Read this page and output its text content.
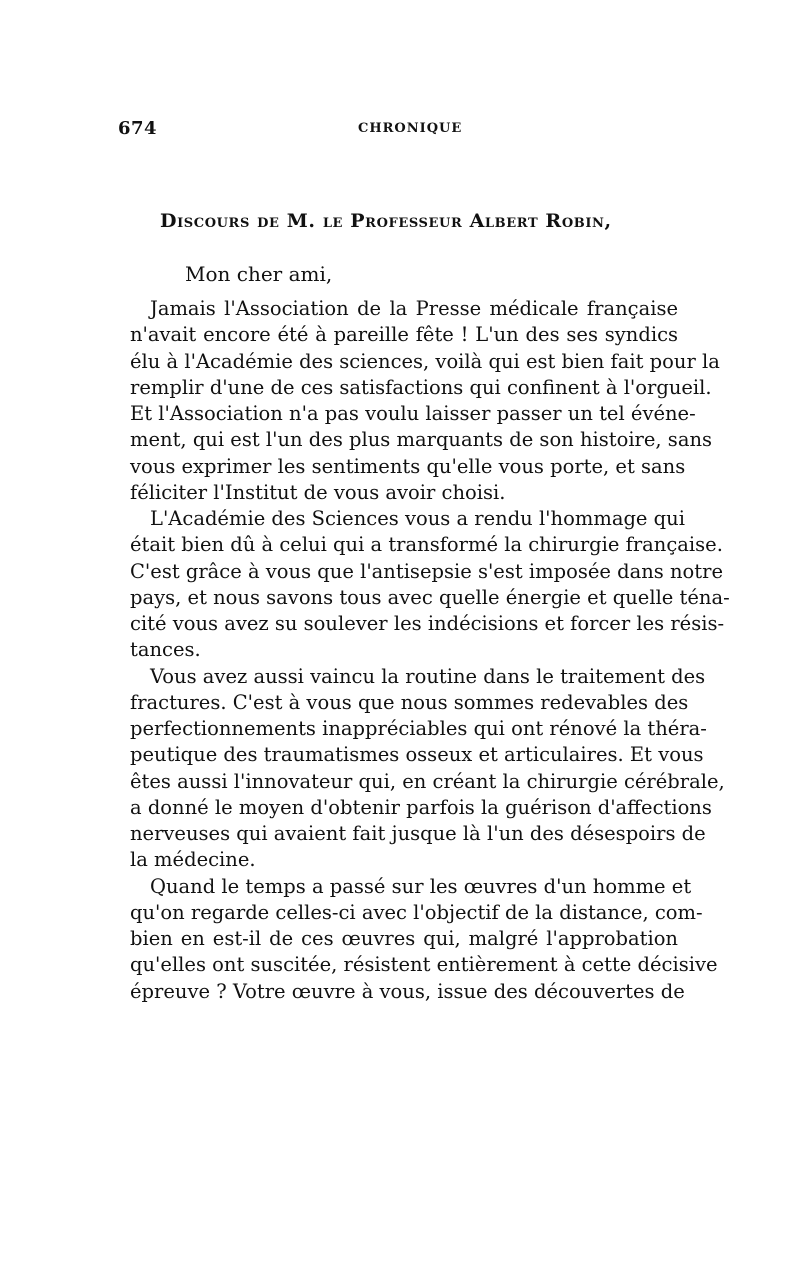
674	CHRONIQUE
Discours de M. le Professeur Albert Robin,
Mon cher ami,
Jamais l'Association de la Presse médicale française
n'avait encore été à pareille fête ! L'un des ses syndics
élu à l'Académie des sciences, voilà qui est bien fait pour la
remplir d'une de ces satisfactions qui confinent à l'orgueil.
Et l'Association n'a pas voulu laisser passer un tel événe-
ment, qui est l'un des plus marquants de son histoire, sans
vous exprimer les sentiments qu'elle vous porte, et sans
féliciter l'Institut de vous avoir choisi.
L'Académie des Sciences vous a rendu l'hommage qui
était bien dû à celui qui a transformé la chirurgie française.
C'est grâce à vous que l'antisepsie s'est imposée dans notre
pays, et nous savons tous avec quelle énergie et quelle téna-
cité vous avez su soulever les indécisions et forcer les résis-
tances.
Vous avez aussi vaincu la routine dans le traitement des
fractures. C'est à vous que nous sommes redevables des
perfectionnements inappréciables qui ont rénové la théra-
peutique des traumatismes osseux et articulaires. Et vous
êtes aussi l'innovateur qui, en créant la chirurgie cérébrale,
a donné le moyen d'obtenir parfois la guérison d'affections
nerveuses qui avaient fait jusque là l'un des désespoirs de
la médecine.
Quand le temps a passé sur les œuvres d'un homme et
qu'on regarde celles-ci avec l'objectif de la distance, com-
bien en est-il de ces œuvres qui, malgré l'approbation
qu'elles ont suscitée, résistent entièrement à cette décisive
épreuve ? Votre œuvre à vous, issue des découvertes de
